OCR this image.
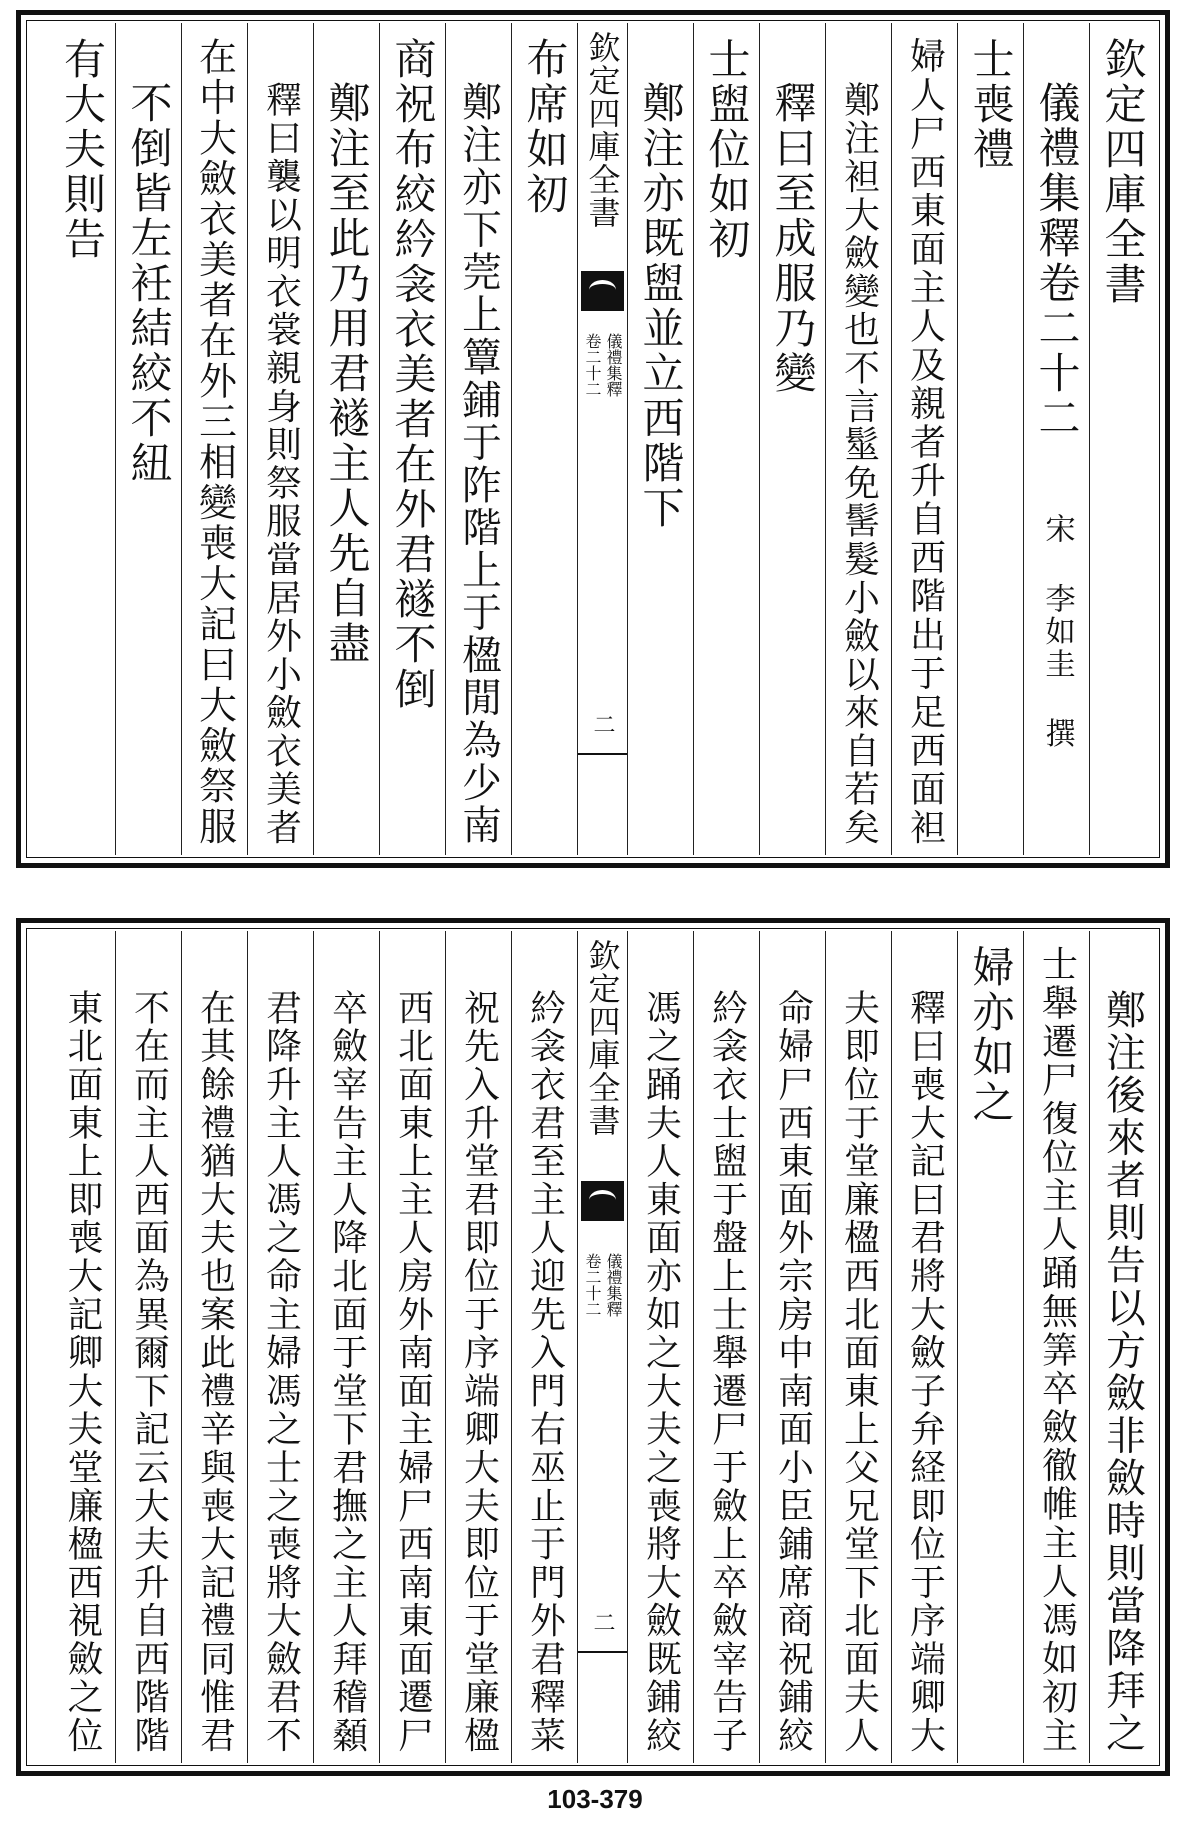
欽定四庫全書
儀禮集釋卷二十二
宋 李如圭 撰
士喪禮
婦人尸西東面主人及親者升自西階出于足西面袒
鄭注袒大斂變也不言髽免髺髮小斂以來自若矣
釋曰至成服乃變
士盥位如初
鄭注亦既盥並立西階下
欽定四庫全書
儀禮集釋
卷二十二
二
布席如初
鄭注亦下莞上簟鋪于阼階上于楹閒為少南
商祝布絞紟衾衣美者在外君襚不倒
鄭注至此乃用君襚主人先自盡
釋曰襲以明衣裳親身則祭服當居外小斂衣美者
在中大斂衣美者在外三相變喪大記曰大斂祭服
不倒皆左衽結絞不紐
有大夫則告
鄭注後來者則告以方斂非斂時則當降拜之
士舉遷尸復位主人踊無筭卒斂徹帷主人馮如初主
婦亦如之
釋曰喪大記曰君將大斂子弁経即位于序端卿大
夫即位于堂廉楹西北面東上父兄堂下北面夫人
命婦尸西東面外宗房中南面小臣鋪席商祝鋪絞
紟衾衣士盥于盤上士舉遷尸于斂上卒斂宰告子
馮之踊夫人東面亦如之大夫之喪將大斂既鋪絞
欽定四庫全書
儀禮集釋
卷二十二
二
紟衾衣君至主人迎先入門右巫止于門外君釋菜
祝先入升堂君即位于序端卿大夫即位于堂廉楹
西北面東上主人房外南面主婦尸西南東面遷尸
卒斂宰告主人降北面于堂下君撫之主人拜稽顙
君降升主人馮之命主婦馮之士之喪將大斂君不
在其餘禮猶大夫也案此禮辛與喪大記禮同惟君
不在而主人西面為異爾下記云大夫升自西階階
東北面東上即喪大記卿大夫堂廉楹西視斂之位
103-379
